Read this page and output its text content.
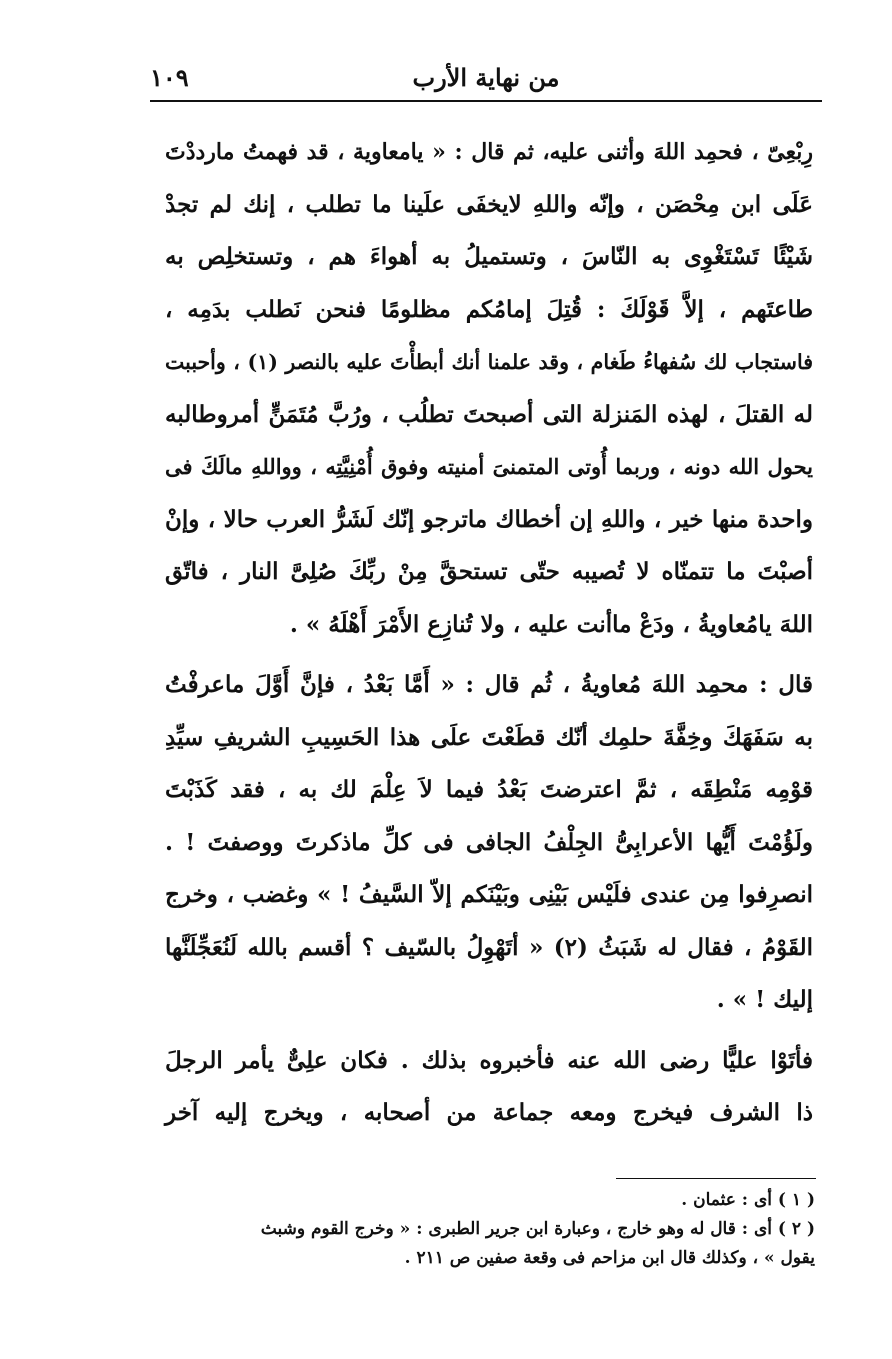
من نهاية الأرب
١٠٩

رِبْعِىّ ، فحمِد اللهَ وأثنى عليه، ثم قال : « يامعاوية ، قد فهمتُ مارددْتَ
عَلَى ابن مِحْصَن ، وإنّه واللهِ لايخفَى علَينا ما تطلب ، إنك لم تجدْ
شَيْئًا تَسْتَغْوِى به النّاسَ ، وتستميلُ به أهواءَ هم ، وتستخلِص به
طاعتَهم ، إلاَّ قَوْلَكَ : قُتِلَ إمامُكم مظلومًا فنحن نَطلب بدَمِه ،
فاستجاب لك سُفهاءُ طَغام ، وقد علمنا أنك أبطأْتَ عليه بالنصر (١) ، وأحببت
له القتلَ ، لهذه المَنزلة التى أصبحتَ تطلُب ، ورُبَّ مُتَمَنٍّ أمروطالبه
يحول الله دونه ، وربما أُوتى المتمنىَ أمنيته وفوق أُمْنِيَّتِه ، وواللهِ مالَكَ فى
واحدة منها خير ، واللهِ إن أخطاك ماترجو إنّك لَشَرُّ العرب حالا ، وإنْ
أصبْتَ ما تتمنّاه لا تُصيبه حتّى تستحقَّ مِنْ ربِّكَ صُلِىَّ النار ، فاتّق
اللهَ يامُعاويةُ ، ودَعْ ماأنت عليه ، ولا تُنازِع الأَمْرَ أَهْلَهُ » .

قال : محمِد اللهَ مُعاويةُ ، ثُم قال : « أَمَّا بَعْدُ ، فإنَّ أَوَّلَ ماعرفْتُ
به سَفَهَكَ وخِفَّةَ حلمِك أنّك قطَعْتَ علَى هذا الحَسِيبِ الشريفِ سيِّدِ
قوْمِه مَنْطِقَه ، ثمَّ اعترضتَ بَعْدُ فيما لاَ عِلْمَ لك به ، فقد كَذَبْتَ
ولَؤُمْتَ أَيُّها الأعرابِىُّ الجِلْفُ الجافى فى كلِّ ماذكرتَ ووصفتَ ! .
انصرِفوا مِن عندى فلَيْس بَيْنِى وبَيْنَكم إلاّ السَّيفُ ! » وغضب ، وخرج
القَوْمُ ، فقال له شَبَثُ (٢) « أتَهْوِلُ بالسّيف ؟ أقسم بالله لَنُعَجِّلَنَّها
إليك ! » .

فأتَوْا عليًّا رضى الله عنه فأخبروه بذلك . فكان علِىٌّ يأمر الرجلَ
ذا الشرف فيخرج ومعه جماعة من أصحابه ، ويخرج إليه آخر

( ١ ) أى : عثمان .

( ٢ ) أى : قال له وهو خارج ، وعبارة ابن جرير الطبرى : « وخرج القوم وشبث
يقول » ، وكذلك قال ابن مزاحم فى وقعة صفين ص ٢١١ .
